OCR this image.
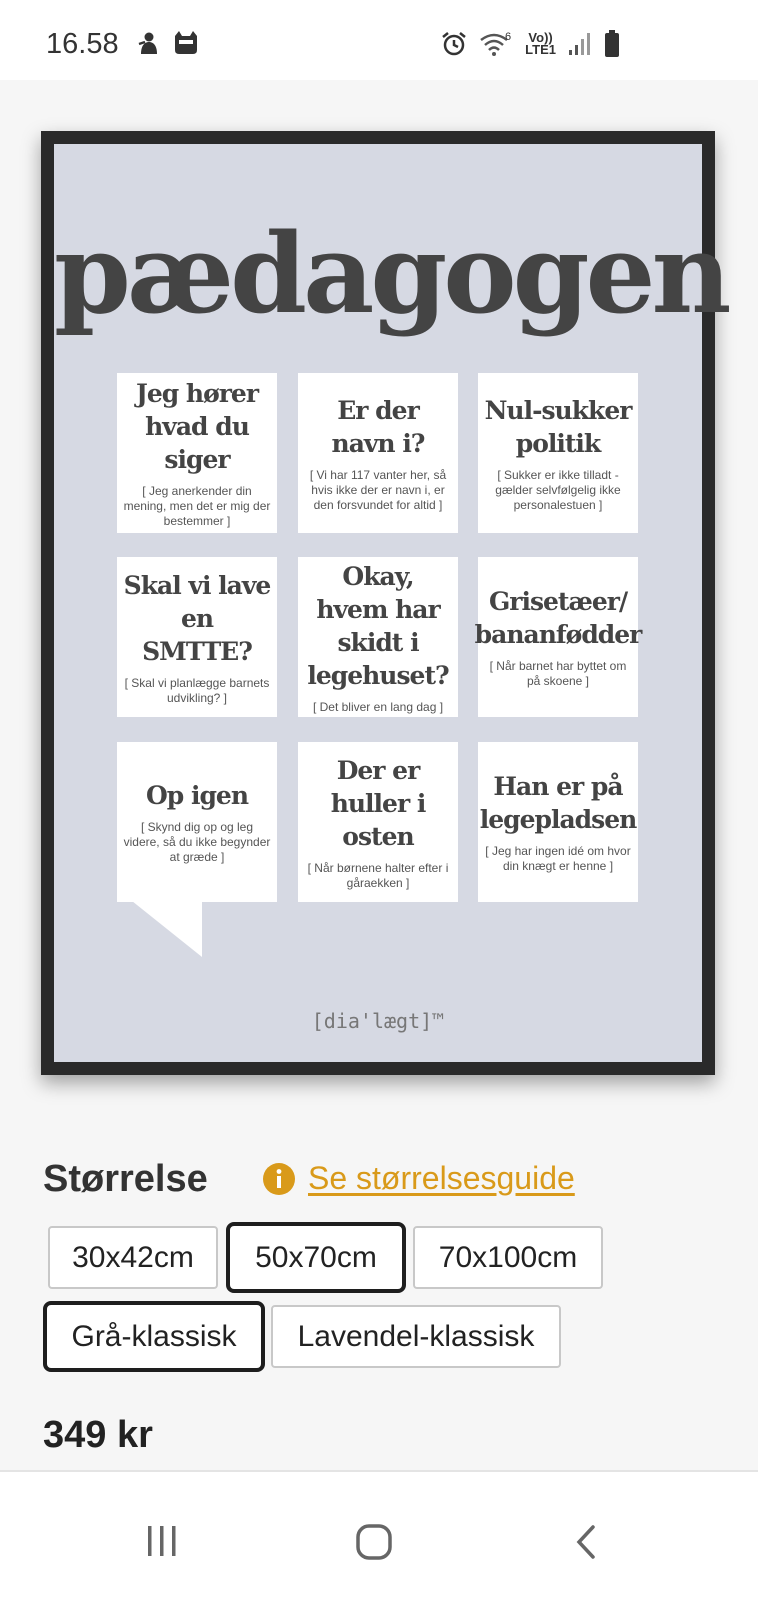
16.58	6 Vo))
LTE1
pædagogen
Jeg hører hvad du siger
[ Jeg anerkender din mening, men det er mig der bestemmer ]
Er der navn i?
[ Vi har 117 vanter her, så hvis ikke der er navn i, er den forsvundet for altid ]
Nul-sukker politik
[ Sukker er ikke tilladt - gælder selvfølgelig ikke personalestuen ]
Skal vi lave en SMTTE?
[ Skal vi planlægge barnets udvikling? ]
Okay, hvem har skidt i legehuset?
[ Det bliver en lang dag ]
Grisetæer/ bananfødder
[ Når barnet har byttet om på skoene ]
Op igen
[ Skynd dig op og leg videre, så du ikke begynder at græde ]
Der er huller i osten
[ Når børnene halter efter i gåraekken ]
Han er på legepladsen
[ Jeg har ingen idé om hvor din knægt er henne ]
[dia'lægt]™
Størrelse	Se størrelsesguide
30x42cm	50x70cm	70x100cm
Grå-klassisk	Lavendel-klassisk
349 kr
